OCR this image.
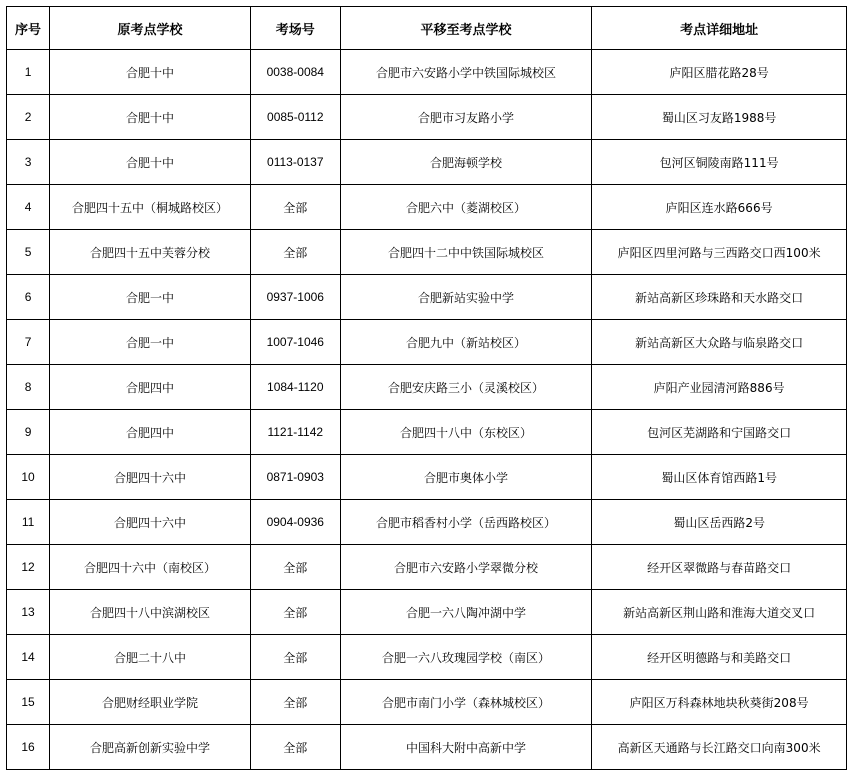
序号	原考点学校	考场号	平移至考点学校	考点详细地址
1	合肥十中	0038-0084	合肥市六安路小学中铁国际城校区	庐阳区腊花路28号
2	合肥十中	0085-0112	合肥市习友路小学	蜀山区习友路1988号
3	合肥十中	0113-0137	合肥海顿学校	包河区铜陵南路111号
4	合肥四十五中（桐城路校区）	全部	合肥六中（菱湖校区）	庐阳区连水路666号
5	合肥四十五中芙蓉分校	全部	合肥四十二中中铁国际城校区	庐阳区四里河路与三西路交口西100米
6	合肥一中	0937-1006	合肥新站实验中学	新站高新区珍珠路和天水路交口
7	合肥一中	1007-1046	合肥九中（新站校区）	新站高新区大众路与临泉路交口
8	合肥四中	1084-1120	合肥安庆路三小（灵溪校区）	庐阳产业园清河路886号
9	合肥四中	1121-1142	合肥四十八中（东校区）	包河区芜湖路和宁国路交口
10	合肥四十六中	0871-0903	合肥市奥体小学	蜀山区体育馆西路1号
11	合肥四十六中	0904-0936	合肥市稻香村小学（岳西路校区）	蜀山区岳西路2号
12	合肥四十六中（南校区）	全部	合肥市六安路小学翠微分校	经开区翠微路与春苗路交口
13	合肥四十八中滨湖校区	全部	合肥一六八陶冲湖中学	新站高新区荆山路和淮海大道交叉口
14	合肥二十八中	全部	合肥一六八玫瑰园学校（南区）	经开区明德路与和美路交口
15	合肥财经职业学院	全部	合肥市南门小学（森林城校区）	庐阳区万科森林地块秋葵街208号
16	合肥高新创新实验中学	全部	中国科大附中高新中学	高新区天通路与长江路交口向南300米
